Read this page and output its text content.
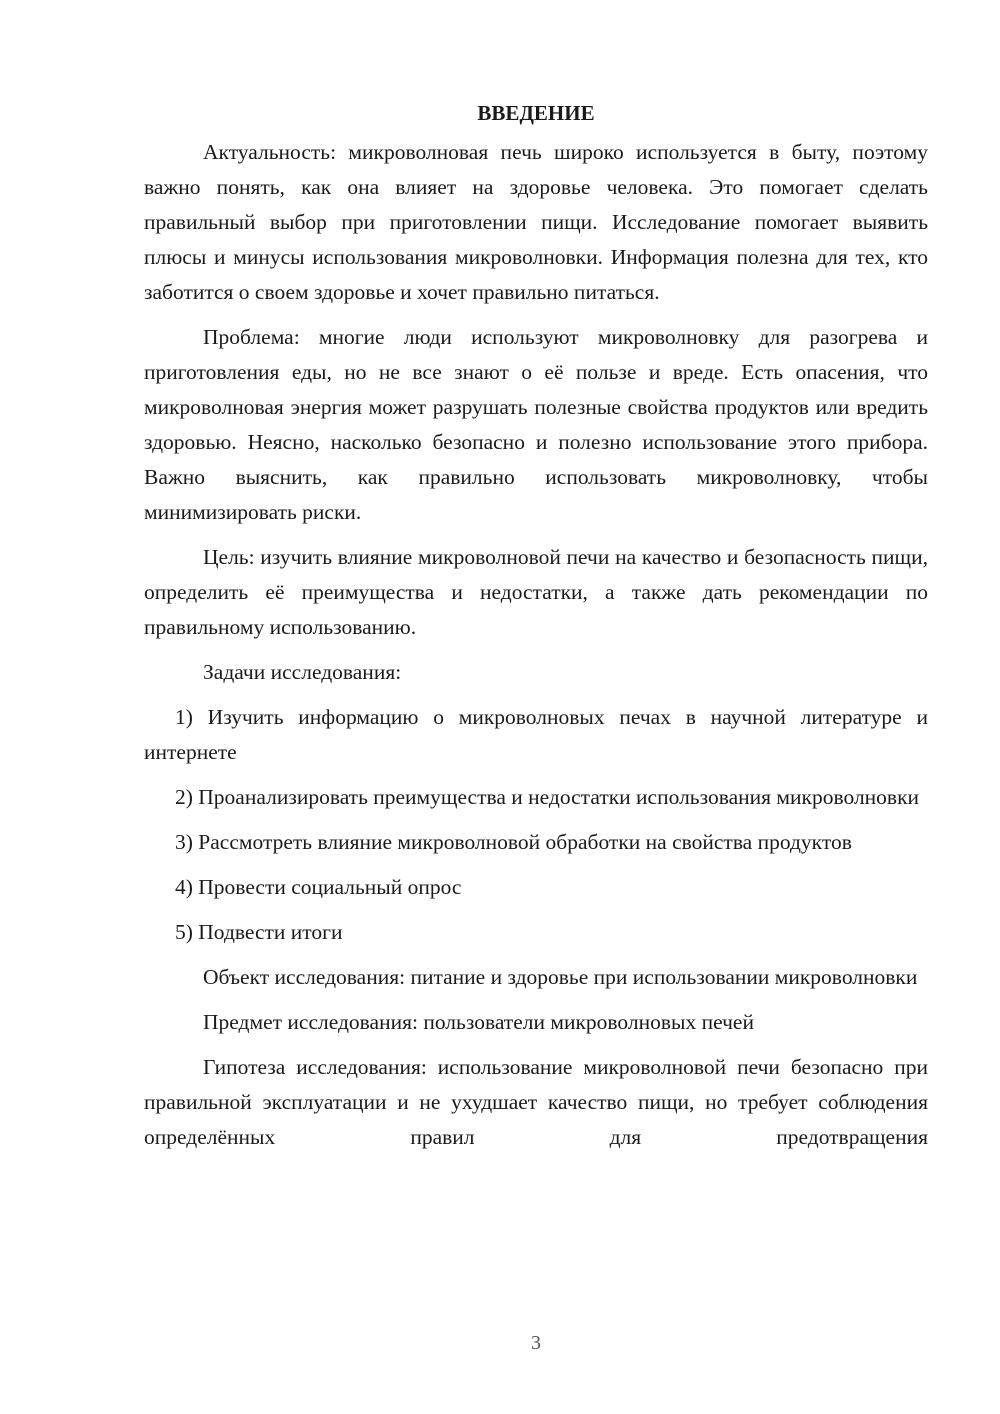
ВВЕДЕНИЕ

Актуальность: микроволновая печь широко используется в быту, поэтому важно понять, как она влияет на здоровье человека. Это помогает сделать правильный выбор при приготовлении пищи. Исследование помогает выявить плюсы и минусы использования микроволновки. Информация полезна для тех, кто заботится о своем здоровье и хочет правильно питаться.

Проблема: многие люди используют микроволновку для разогрева и приготовления еды, но не все знают о её пользе и вреде. Есть опасения, что микроволновая энергия может разрушать полезные свойства продуктов или вредить здоровью. Неясно, насколько безопасно и полезно использование этого прибора. Важно выяснить, как правильно использовать микроволновку, чтобы минимизировать риски.

Цель: изучить влияние микроволновой печи на качество и безопасность пищи, определить её преимущества и недостатки, а также дать рекомендации по правильному использованию.

Задачи исследования:

1) Изучить информацию о микроволновых печах в научной литературе и интернете

2) Проанализировать преимущества и недостатки использования микроволновки

3) Рассмотреть влияние микроволновой обработки на свойства продуктов

4) Провести социальный опрос

5) Подвести итоги

Объект исследования: питание и здоровье при использовании микроволновки

Предмет исследования: пользователи микроволновых печей

Гипотеза исследования: использование микроволновой печи безопасно при правильной эксплуатации и не ухудшает качество пищи, но требует соблюдения определённых правил для предотвращения

3
